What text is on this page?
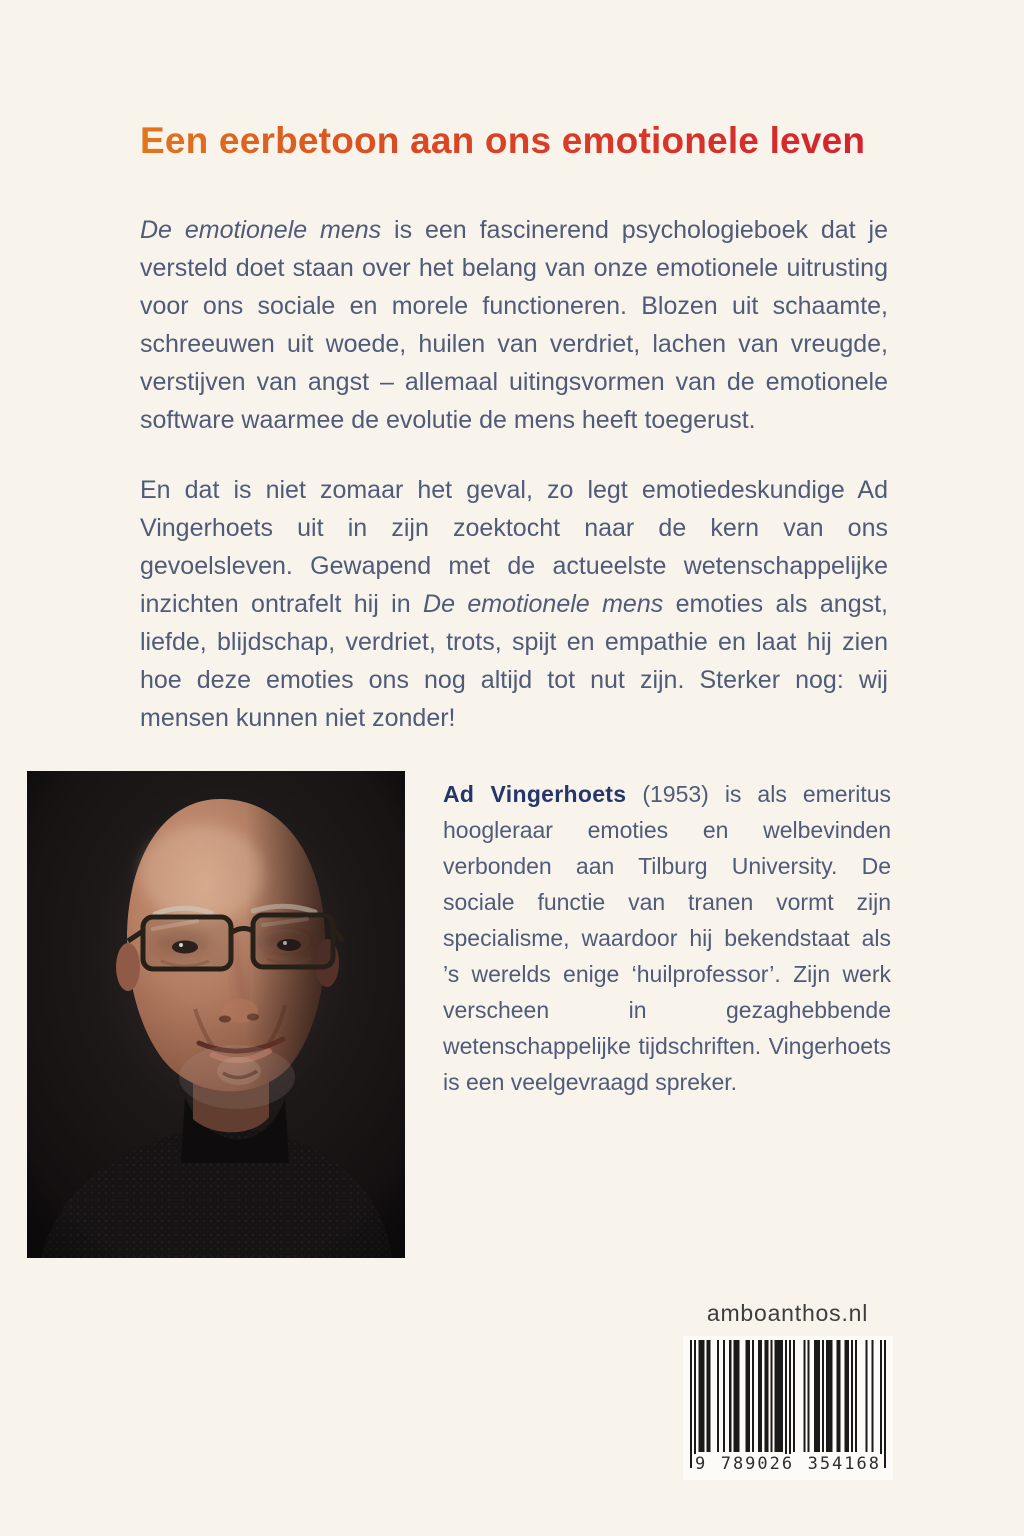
Een eerbetoon aan ons emotionele leven

De emotionele mens is een fascinerend psychologieboek dat je versteld doet staan over het belang van onze emotionele uitrusting voor ons sociale en morele functioneren. Blozen uit schaamte, schreeuwen uit woede, huilen van verdriet, lachen van vreugde, verstijven van angst – allemaal uitingsvormen van de emotionele software waarmee de evolutie de mens heeft toegerust.

En dat is niet zomaar het geval, zo legt emotiedeskundige Ad Vingerhoets uit in zijn zoektocht naar de kern van ons gevoelsleven. Gewapend met de actueelste wetenschappelijke inzichten ontrafelt hij in De emotionele mens emoties als angst, liefde, blijdschap, verdriet, trots, spijt en empathie en laat hij zien hoe deze emoties ons nog altijd tot nut zijn. Sterker nog: wij mensen kunnen niet zonder!

Ad Vingerhoets (1953) is als emeritus hoogleraar emoties en welbevinden verbonden aan Tilburg University. De sociale functie van tranen vormt zijn specialisme, waardoor hij bekendstaat als ’s werelds enige ‘huilprofessor’. Zijn werk verscheen in gezaghebbende wetenschappelijke tijdschriften. Vingerhoets is een veelgevraagd spreker.

amboanthos.nl
9 789026 354168
